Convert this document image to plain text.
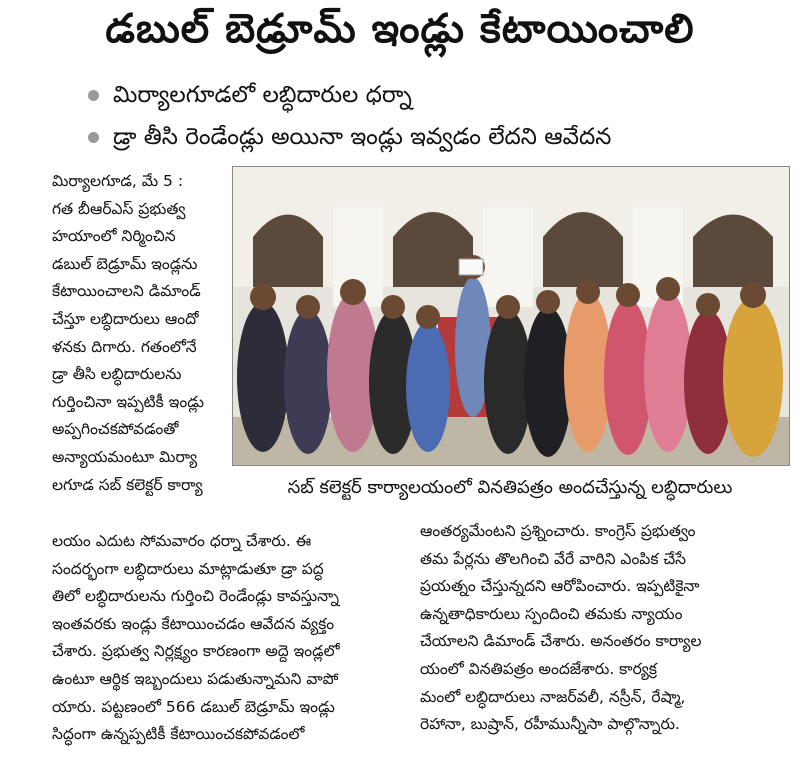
డబుల్ బెడ్రూమ్ ఇండ్లు కేటాయించాలి
మిర్యాలగూడలో లబ్ధిదారుల ధర్నా
డ్రా తీసి రెండేండ్లు అయినా ఇండ్లు ఇవ్వడం లేదని ఆవేదన
మిర్యాలగూడ, మే 5 :
గత బీఆర్ఎస్ ప్రభుత్వ
హయాంలో నిర్మించిన
డబుల్ బెడ్రూమ్ ఇండ్లను
కేటాయించాలని డిమాండ్
చేస్తూ లబ్ధిదారులు ఆందో
ళనకు దిగారు. గతంలోనే
డ్రా తీసి లబ్ధిదారులను
గుర్తించినా ఇప్పటికీ ఇండ్లు
అప్పగించకపోవడంతో
అన్యాయమంటూ మిర్యా
లగూడ సబ్ కలెక్టర్ కార్యా	సబ్ కలెక్టర్ కార్యాలయంలో వినతిపత్రం అందచేస్తున్న లబ్ధిదారులు
లయం ఎదుట సోమవారం ధర్నా చేశారు. ఈ
సందర్భంగా లబ్ధిదారులు మాట్లాడుతూ డ్రా పద్ధ
తిలో లబ్ధిదారులను గుర్తించి రెండేండ్లు కావస్తున్నా
ఇంతవరకు ఇండ్లు కేటాయించడం ఆవేదన వ్యక్తం
చేశారు. ప్రభుత్వ నిర్లక్ష్యం కారణంగా అద్దె ఇండ్లలో
ఉంటూ ఆర్థిక ఇబ్బందులు పడుతున్నామని వాపో
యారు. పట్టణంలో 566 డబుల్ బెడ్రూమ్ ఇండ్లు
సిద్ధంగా ఉన్నప్పటికీ కేటాయించకపోవడంలో
ఆంతర్యమేంటని ప్రశ్నించారు. కాంగ్రెస్ ప్రభుత్వం
తమ పేర్లను తొలగించి వేరే వారిని ఎంపిక చేసే
ప్రయత్నం చేస్తున్నదని ఆరోపించారు. ఇప్పటికైనా
ఉన్నతాధికారులు స్పందించి తమకు న్యాయం
చేయాలని డిమాండ్ చేశారు. అనంతరం కార్యాల
యంలో వినతిపత్రం అందజేశారు. కార్యక్ర
మంలో లబ్ధిదారులు నాజర్‌వలీ, నస్రీన్, రేష్మా,
రెహానా, బుష్రాన్, రహీమున్నీసా పాల్గొన్నారు.
